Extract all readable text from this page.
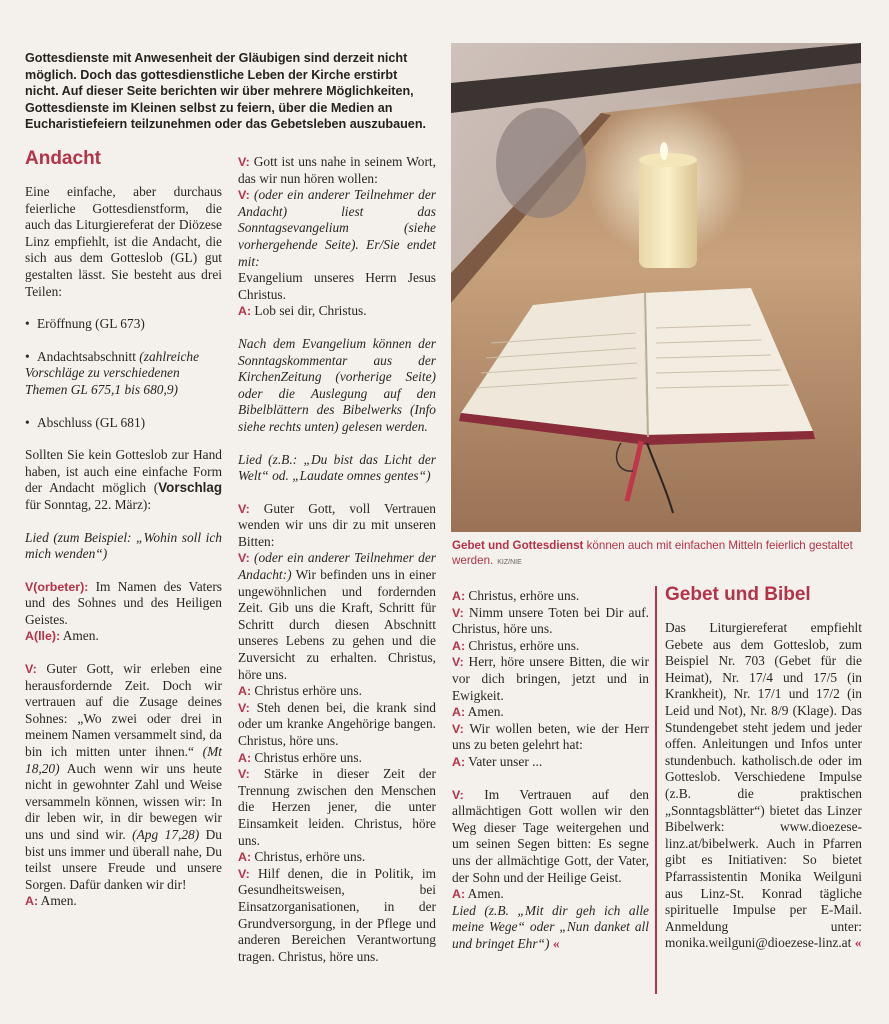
Gottesdienste mit Anwesenheit der Gläubigen sind derzeit nicht möglich. Doch das gottesdienstliche Leben der Kirche erstirbt nicht. Auf dieser Seite berichten wir über mehrere Möglichkeiten, Gottesdienste im Kleinen selbst zu feiern, über die Medien an Eucharistiefeiern teilzunehmen oder das Gebetsleben auszubauen.
Andacht

Eine einfache, aber durchaus feierliche Gottesdienstform, die auch das Liturgiereferat der Diözese Linz empfiehlt, ist die Andacht, die sich aus dem Gotteslob (GL) gut gestalten lässt. Sie besteht aus drei Teilen:

• Eröffnung (GL 673)
• Andachtsabschnitt (zahlreiche Vorschläge zu verschiedenen Themen GL 675,1 bis 680,9)
• Abschluss (GL 681)

Sollten Sie kein Gotteslob zur Hand haben, ist auch eine einfache Form der Andacht möglich (Vorschlag für Sonntag, 22. März):

Lied (zum Beispiel: „Wohin soll ich mich wenden“)

V(orbeter): Im Namen des Vaters und des Sohnes und des Heiligen Geistes.

A(lle): Amen.

V: Guter Gott, wir erleben eine herausfordernde Zeit. Doch wir vertrauen auf die Zusage deines Sohnes: „Wo zwei oder drei in meinem Namen versammelt sind, da bin ich mitten unter ihnen.“ (Mt 18,20) Auch wenn wir uns heute nicht in gewohnter Zahl und Weise versammeln können, wissen wir: In dir leben wir, in dir bewegen wir uns und sind wir. (Apg 17,28) Du bist uns immer und überall nahe, Du teilst unsere Freude und unsere Sorgen. Dafür danken wir dir!

A: Amen.

V: Gott ist uns nahe in seinem Wort, das wir nun hören wollen:

V: (oder ein anderer Teilnehmer der Andacht) liest das Sonntagsevangelium (siehe vorhergehende Seite). Er/Sie endet mit:

Evangelium unseres Herrn Jesus Christus.

A: Lob sei dir, Christus.

Nach dem Evangelium können der Sonntagskommentar aus der KirchenZeitung (vorherige Seite) oder die Auslegung auf den Bibelblättern des Bibelwerks (Info siehe rechts unten) gelesen werden.

Lied (z.B.: „Du bist das Licht der Welt“ od. „Laudate omnes gentes“)

V: Guter Gott, voll Vertrauen wenden wir uns dir zu mit unseren Bitten:

V: (oder ein anderer Teilnehmer der Andacht:) Wir befinden uns in einer ungewöhnlichen und fordernden Zeit. Gib uns die Kraft, Schritt für Schritt durch diesen Abschnitt unseres Lebens zu gehen und die Zuversicht zu erhalten. Christus, höre uns.

A: Christus erhöre uns.

V: Steh denen bei, die krank sind oder um kranke Angehörige bangen. Christus, höre uns.

A: Christus erhöre uns.

V: Stärke in dieser Zeit der Trennung zwischen den Menschen die Herzen jener, die unter Einsamkeit leiden. Christus, höre uns.

A: Christus, erhöre uns.

V: Hilf denen, die in Politik, im Gesundheitsweisen, bei Einsatzorganisationen, in der Grundversorgung, in der Pflege und anderen Bereichen Verantwortung tragen. Christus, höre uns.

Gebet und Gottesdienst können auch mit einfachen Mitteln feierlich gestaltet werden. KIZ/NIE

A: Christus, erhöre uns.

V: Nimm unsere Toten bei Dir auf. Christus, höre uns.

A: Christus, erhöre uns.

V: Herr, höre unsere Bitten, die wir vor dich bringen, jetzt und in Ewigkeit.

A: Amen.

V: Wir wollen beten, wie der Herr uns zu beten gelehrt hat:

A: Vater unser ...

V: Im Vertrauen auf den allmächtigen Gott wollen wir den Weg dieser Tage weitergehen und um seinen Segen bitten: Es segne uns der allmächtige Gott, der Vater, der Sohn und der Heilige Geist.

A: Amen.

Lied (z.B. „Mit dir geh ich alle meine Wege“ oder „Nun danket all und bringet Ehr“) «

Gebet und Bibel

Das Liturgiereferat empfiehlt Gebete aus dem Gotteslob, zum Beispiel Nr. 703 (Gebet für die Heimat), Nr. 17/4 und 17/5 (in Krankheit), Nr. 17/1 und 17/2 (in Leid und Not), Nr. 8/9 (Klage). Das Stundengebet steht jedem und jeder offen. Anleitungen und Infos unter stundenbuch. katholisch.de oder im Gotteslob. Verschiedene Impulse (z.B. die praktischen „Sonntagsblätter“) bietet das Linzer Bibelwerk: www.dioezese-linz.at/bibelwerk. Auch in Pfarren gibt es Initiativen: So bietet Pfarrassistentin Monika Weilguni aus Linz-St. Konrad tägliche spirituelle Impulse per E-Mail. Anmeldung unter: monika.weilguni@dioezese-linz.at «
